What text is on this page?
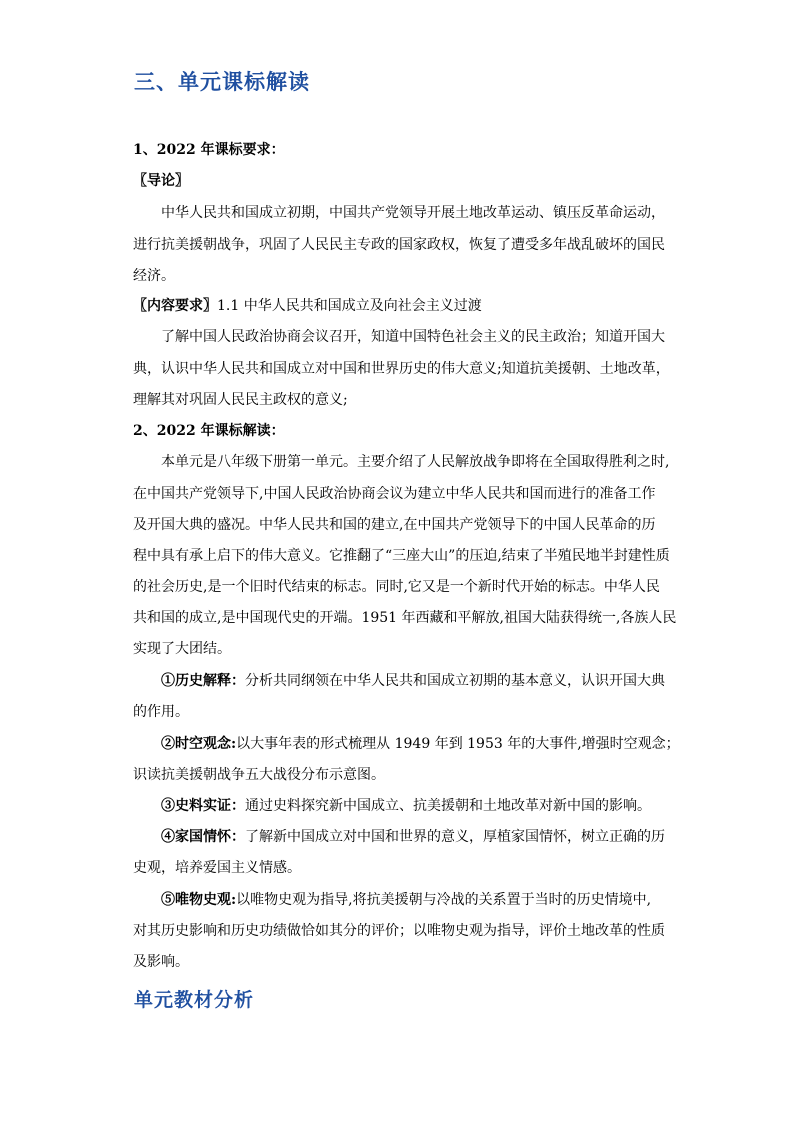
三、单元课标解读
1、2022 年课标要求：
〖导论〗
中华人民共和国成立初期，中国共产党领导开展土地改革运动、镇压反革命运动，
进行抗美援朝战争，巩固了人民民主专政的国家政权，恢复了遭受多年战乱破坏的国民
经济。
〖内容要求〗1.1 中华人民共和国成立及向社会主义过渡
了解中国人民政治协商会议召开，知道中国特色社会主义的民主政治；知道开国大
典，认识中华人民共和国成立对中国和世界历史的伟大意义;知道抗美援朝、土地改革，
理解其对巩固人民民主政权的意义;
2、2022 年课标解读：
本单元是八年级下册第一单元。主要介绍了人民解放战争即将在全国取得胜利之时,
在中国共产党领导下,中国人民政治协商会议为建立中华人民共和国而进行的准备工作
及开国大典的盛况。中华人民共和国的建立,在中国共产党领导下的中国人民革命的历
程中具有承上启下的伟大意义。它推翻了“三座大山”的压迫,结束了半殖民地半封建性质
的社会历史,是一个旧时代结束的标志。同时,它又是一个新时代开始的标志。中华人民
共和国的成立,是中国现代史的开端。1951 年西藏和平解放,祖国大陆获得统一,各族人民
实现了大团结。
①历史解释：分析共同纲领在中华人民共和国成立初期的基本意义，认识开国大典
的作用。
②时空观念:以大事年表的形式梳理从 1949 年到 1953 年的大事件,增强时空观念；
识读抗美援朝战争五大战役分布示意图。
③史料实证：通过史料探究新中国成立、抗美援朝和土地改革对新中国的影响。
④家国情怀：了解新中国成立对中国和世界的意义，厚植家国情怀，树立正确的历
史观，培养爱国主义情感。
⑤唯物史观:以唯物史观为指导,将抗美援朝与冷战的关系置于当时的历史情境中,
对其历史影响和历史功绩做恰如其分的评价；以唯物史观为指导，评价土地改革的性质
及影响。
单元教材分析
